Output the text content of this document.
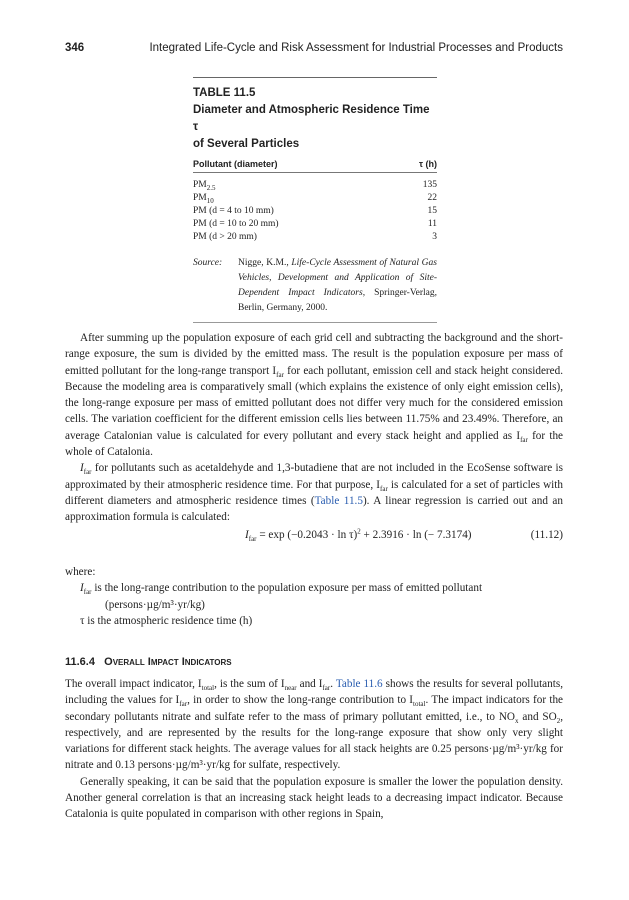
346	Integrated Life-Cycle and Risk Assessment for Industrial Processes and Products
TABLE 11.5
Diameter and Atmospheric Residence Time τ
of Several Particles
Pollutant (diameter)	τ (h)
$PM_{2.5}$	135
$PM_{10}$	22
PM (d = 4 to 10 mm)	15
PM (d = 10 to 20 mm)	11
PM (d > 20 mm)	3
Source:	Nigge, K.M., Life-Cycle Assessment of Natural Gas Vehicles, Development and Application of Site-Dependent Impact Indicators, Springer-Verlag, Berlin, Germany, 2000.

After summing up the population exposure of each grid cell and subtracting the background and the short-range exposure, the sum is divided by the emitted mass. The result is the population exposure per mass of emitted pollutant for the long-range transport $I_{far}$ for each pollutant, emission cell and stack height considered. Because the modeling area is comparatively small (which explains the existence of only eight emission cells), the long-range exposure per mass of emitted pollutant does not differ very much for the considered emission cells. The variation coefficient for the different emission cells lies between 11.75% and 23.49%. Therefore, an average Catalonian value is calculated for every pollutant and every stack height and applied as $I_{far}$ for the whole of Catalonia.

$I_{far}$ for pollutants such as acetaldehyde and 1,3-butadiene that are not included in the EcoSense software is approximated by their atmospheric residence time. For that purpose, $I_{far}$ is calculated for a set of particles with different diameters and atmospheric residence times (Table 11.5). A linear regression is carried out and an approximation formula is calculated:

$I_{far} = \exp (-0.2043 \cdot \ln \tau)^2 + 2.3916 \cdot \ln$ (− 7.3174)	(11.12)
where:
$I_{far}$ is the long-range contribution to the population exposure per mass of emitted pollutant
(persons·µg/m³·yr/kg)
τ is the atmospheric residence time (h)
11.6.4 Overall Impact Indicators

The overall impact indicator, $I_{total}$, is the sum of $I_{near}$ and $I_{far}$. Table 11.6 shows the results for several pollutants, including the values for $I_{far}$, in order to show the long-range contribution to $I_{total}$. The impact indicators for the secondary pollutants nitrate and sulfate refer to the mass of primary pollutant emitted, i.e., to $NO_x$ and $SO_2$, respectively, and are represented by the results for the long-range exposure that show only very slight variations for different stack heights. The average values for all stack heights are 0.25 persons·µg/m³·yr/kg for nitrate and 0.13 persons·µg/m³·yr/kg for sulfate, respectively.

Generally speaking, it can be said that the population exposure is smaller the lower the population density. Another general correlation is that an increasing stack height leads to a decreasing impact indicator. Because Catalonia is quite populated in comparison with other regions in Spain,
